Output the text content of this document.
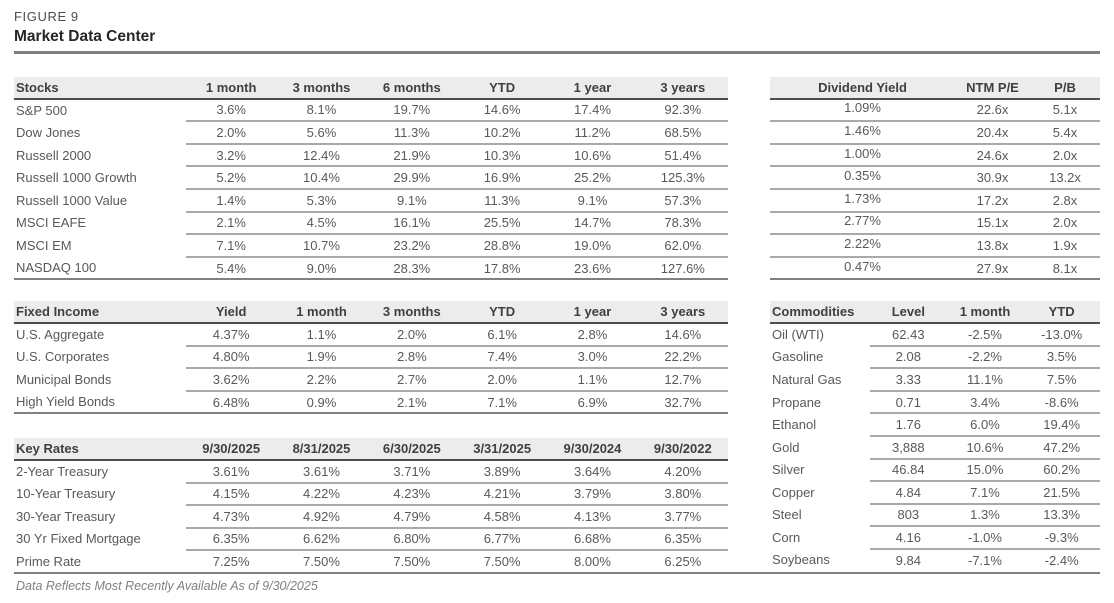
FIGURE 9
Market Data Center
Stocks	1 month	3 months	6 months	YTD	1 year	3 years
S&P 500	3.6%	8.1%	19.7%	14.6%	17.4%	92.3%
Dow Jones	2.0%	5.6%	11.3%	10.2%	11.2%	68.5%
Russell 2000	3.2%	12.4%	21.9%	10.3%	10.6%	51.4%
Russell 1000 Growth	5.2%	10.4%	29.9%	16.9%	25.2%	125.3%
Russell 1000 Value	1.4%	5.3%	9.1%	11.3%	9.1%	57.3%
MSCI EAFE	2.1%	4.5%	16.1%	25.5%	14.7%	78.3%
MSCI EM	7.1%	10.7%	23.2%	28.8%	19.0%	62.0%
NASDAQ 100	5.4%	9.0%	28.3%	17.8%	23.6%	127.6%
Fixed Income	Yield	1 month	3 months	YTD	1 year	3 years
U.S. Aggregate	4.37%	1.1%	2.0%	6.1%	2.8%	14.6%
U.S. Corporates	4.80%	1.9%	2.8%	7.4%	3.0%	22.2%
Municipal Bonds	3.62%	2.2%	2.7%	2.0%	1.1%	12.7%
High Yield Bonds	6.48%	0.9%	2.1%	7.1%	6.9%	32.7%
Key Rates	9/30/2025	8/31/2025	6/30/2025	3/31/2025	9/30/2024	9/30/2022
2-Year Treasury	3.61%	3.61%	3.71%	3.89%	3.64%	4.20%
10-Year Treasury	4.15%	4.22%	4.23%	4.21%	3.79%	3.80%
30-Year Treasury	4.73%	4.92%	4.79%	4.58%	4.13%	3.77%
30 Yr Fixed Mortgage	6.35%	6.62%	6.80%	6.77%	6.68%	6.35%
Prime Rate	7.25%	7.50%	7.50%	7.50%	8.00%	6.25%
Dividend Yield	NTM P/E	P/B
1.09%	22.6x	5.1x
1.46%	20.4x	5.4x
1.00%	24.6x	2.0x
0.35%	30.9x	13.2x
1.73%	17.2x	2.8x
2.77%	15.1x	2.0x
2.22%	13.8x	1.9x
0.47%	27.9x	8.1x
Commodities	Level	1 month	YTD
Oil (WTI)	62.43	-2.5%	-13.0%
Gasoline	2.08	-2.2%	3.5%
Natural Gas	3.33	11.1%	7.5%
Propane	0.71	3.4%	-8.6%
Ethanol	1.76	6.0%	19.4%
Gold	3,888	10.6%	47.2%
Silver	46.84	15.0%	60.2%
Copper	4.84	7.1%	21.5%
Steel	803	1.3%	13.3%
Corn	4.16	-1.0%	-9.3%
Soybeans	9.84	-7.1%	-2.4%
Data Reflects Most Recently Available As of 9/30/2025
